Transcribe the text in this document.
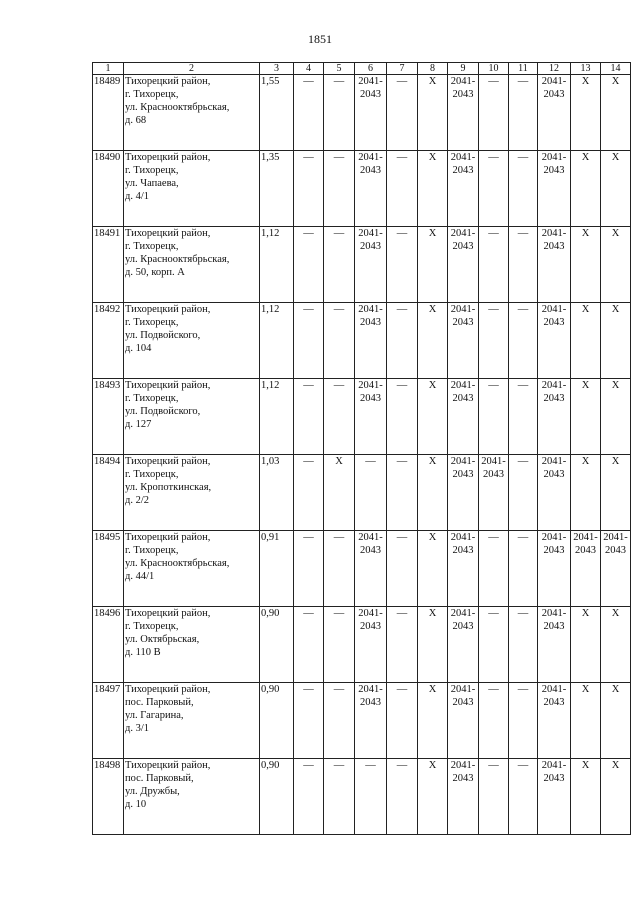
1851
1	2	3	4	5	6	7	8	9	10	11	12	13	14
18489	Тихорецкий район,
г. Тихорецк,
ул. Краснооктябрьская,
д. 68	1,55	—	—	2041-
2043	—	X	2041-
2043	—	—	2041-
2043	X	X
18490	Тихорецкий район,
г. Тихорецк,
ул. Чапаева,
д. 4/1	1,35	—	—	2041-
2043	—	X	2041-
2043	—	—	2041-
2043	X	X
18491	Тихорецкий район,
г. Тихорецк,
ул. Краснооктябрьская,
д. 50, корп. А	1,12	—	—	2041-
2043	—	X	2041-
2043	—	—	2041-
2043	X	X
18492	Тихорецкий район,
г. Тихорецк,
ул. Подвойского,
д. 104	1,12	—	—	2041-
2043	—	X	2041-
2043	—	—	2041-
2043	X	X
18493	Тихорецкий район,
г. Тихорецк,
ул. Подвойского,
д. 127	1,12	—	—	2041-
2043	—	X	2041-
2043	—	—	2041-
2043	X	X
18494	Тихорецкий район,
г. Тихорецк,
ул. Кропоткинская,
д. 2/2	1,03	—	X	—	—	X	2041-
2043	2041-
2043	—	2041-
2043	X	X
18495	Тихорецкий район,
г. Тихорецк,
ул. Краснооктябрьская,
д. 44/1	0,91	—	—	2041-
2043	—	X	2041-
2043	—	—	2041-
2043	2041-
2043	2041-
2043
18496	Тихорецкий район,
г. Тихорецк,
ул. Октябрьская,
д. 110 В	0,90	—	—	2041-
2043	—	X	2041-
2043	—	—	2041-
2043	X	X
18497	Тихорецкий район,
пос. Парковый,
ул. Гагарина,
д. 3/1	0,90	—	—	2041-
2043	—	X	2041-
2043	—	—	2041-
2043	X	X
18498	Тихорецкий район,
пос. Парковый,
ул. Дружбы,
д. 10	0,90	—	—	—	—	X	2041-
2043	—	—	2041-
2043	X	X
